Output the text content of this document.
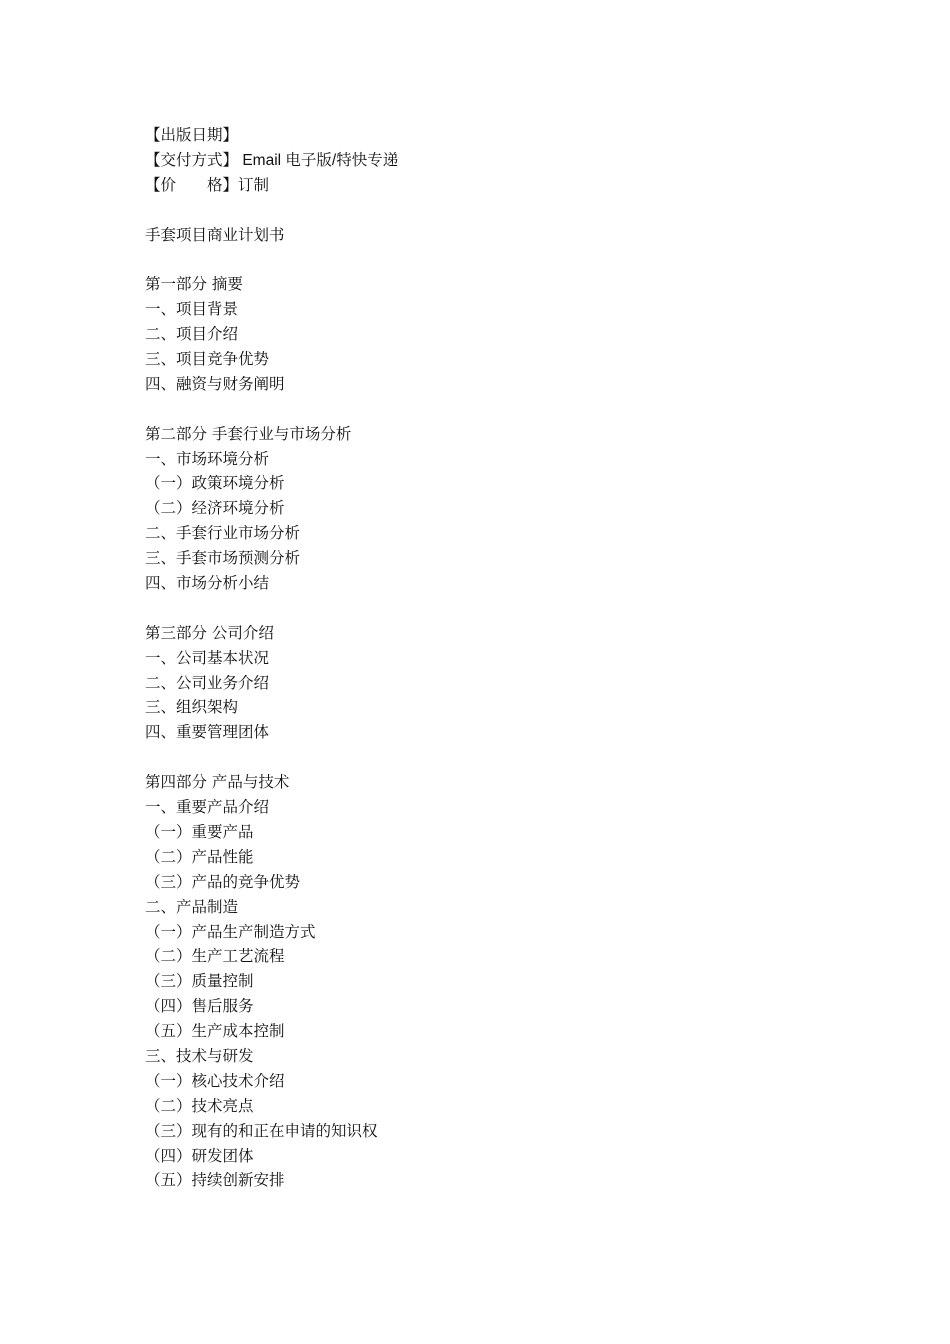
【出版日期】
【交付方式】 Email 电子版/特快专递
【价　　格】订制
手套项目商业计划书
第一部分 摘要
一、项目背景
二、项目介绍
三、项目竞争优势
四、融资与财务阐明
第二部分 手套行业与市场分析
一、市场环境分析
（一）政策环境分析
（二）经济环境分析
二、手套行业市场分析
三、手套市场预测分析
四、市场分析小结
第三部分 公司介绍
一、公司基本状况
二、公司业务介绍
三、组织架构
四、重要管理团体
第四部分 产品与技术
一、重要产品介绍
（一）重要产品
（二）产品性能
（三）产品的竞争优势
二、产品制造
（一）产品生产制造方式
（二）生产工艺流程
（三）质量控制
（四）售后服务
（五）生产成本控制
三、技术与研发
（一）核心技术介绍
（二）技术亮点
（三）现有的和正在申请的知识权
（四）研发团体
（五）持续创新安排
